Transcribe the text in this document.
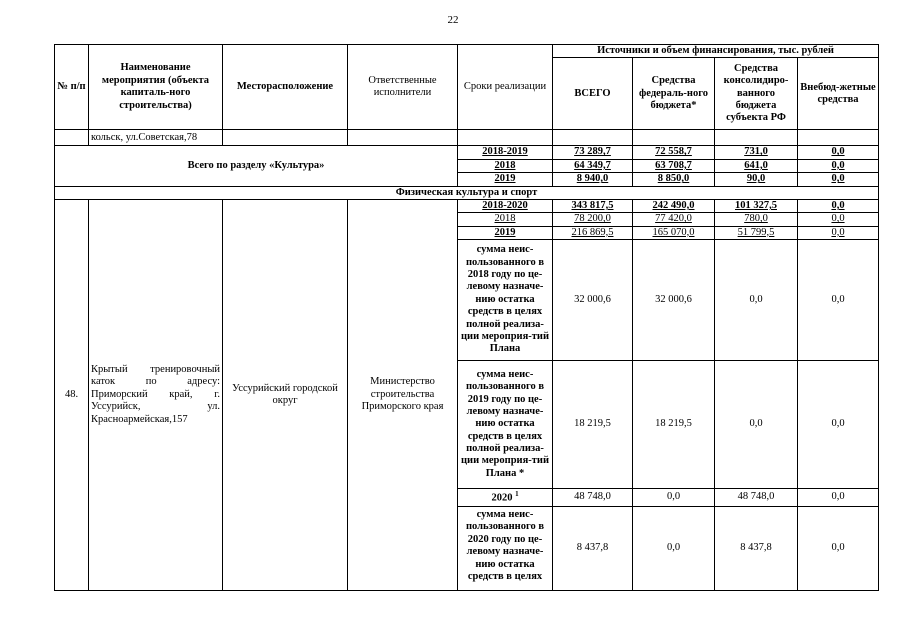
22
№ п/п	Наименование мероприятия (объекта капиталь-ного строительства)	Месторасположение	Ответственные исполнители	Сроки реализации	Источники и объем финансирования, тыс. рублей			
					ВСЕГО	Средства федераль-ного бюджета*	Средства консолидиро-ванного бюджета субъекта РФ	Внебюд-жетные средства
	кольск, ул.Советская,78							
Всего по разделу «Культура»				2018-2019	73 289,7	72 558,7	731,0	0,0
				2018	64 349,7	63 708,7	641,0	0,0
				2019	8 940,0	8 850,0	90,0	0,0
Физическая культура и спорт								
48.	Крытый тренировочный каток по адресу: Приморский край, г. Уссурийск, ул. Красноармейская,157	Уссурийский городской округ	Министерство строительства Приморского края	2018-2020	343 817,5	242 490,0	101 327,5	0,0
				2018	78 200,0	77 420,0	780,0	0,0
				2019	216 869,5	165 070,0	51 799,5	0,0
				сумма неис-пользованного в 2018 году по це-левому назначе-нию остатка средств в целях полной реализа-ции мероприя-тий Плана	32 000,6	32 000,6	0,0	0,0
				сумма неис-пользованного в 2019 году по це-левому назначе-нию остатка средств в целях полной реализа-ции мероприя-тий Плана *	18 219,5	18 219,5	0,0	0,0
				2020 $^1$	48 748,0	0,0	48 748,0	0,0
				сумма неис-пользованного в 2020 году по це-левому назначе-нию остатка средств в целях	8 437,8	0,0	8 437,8	0,0
